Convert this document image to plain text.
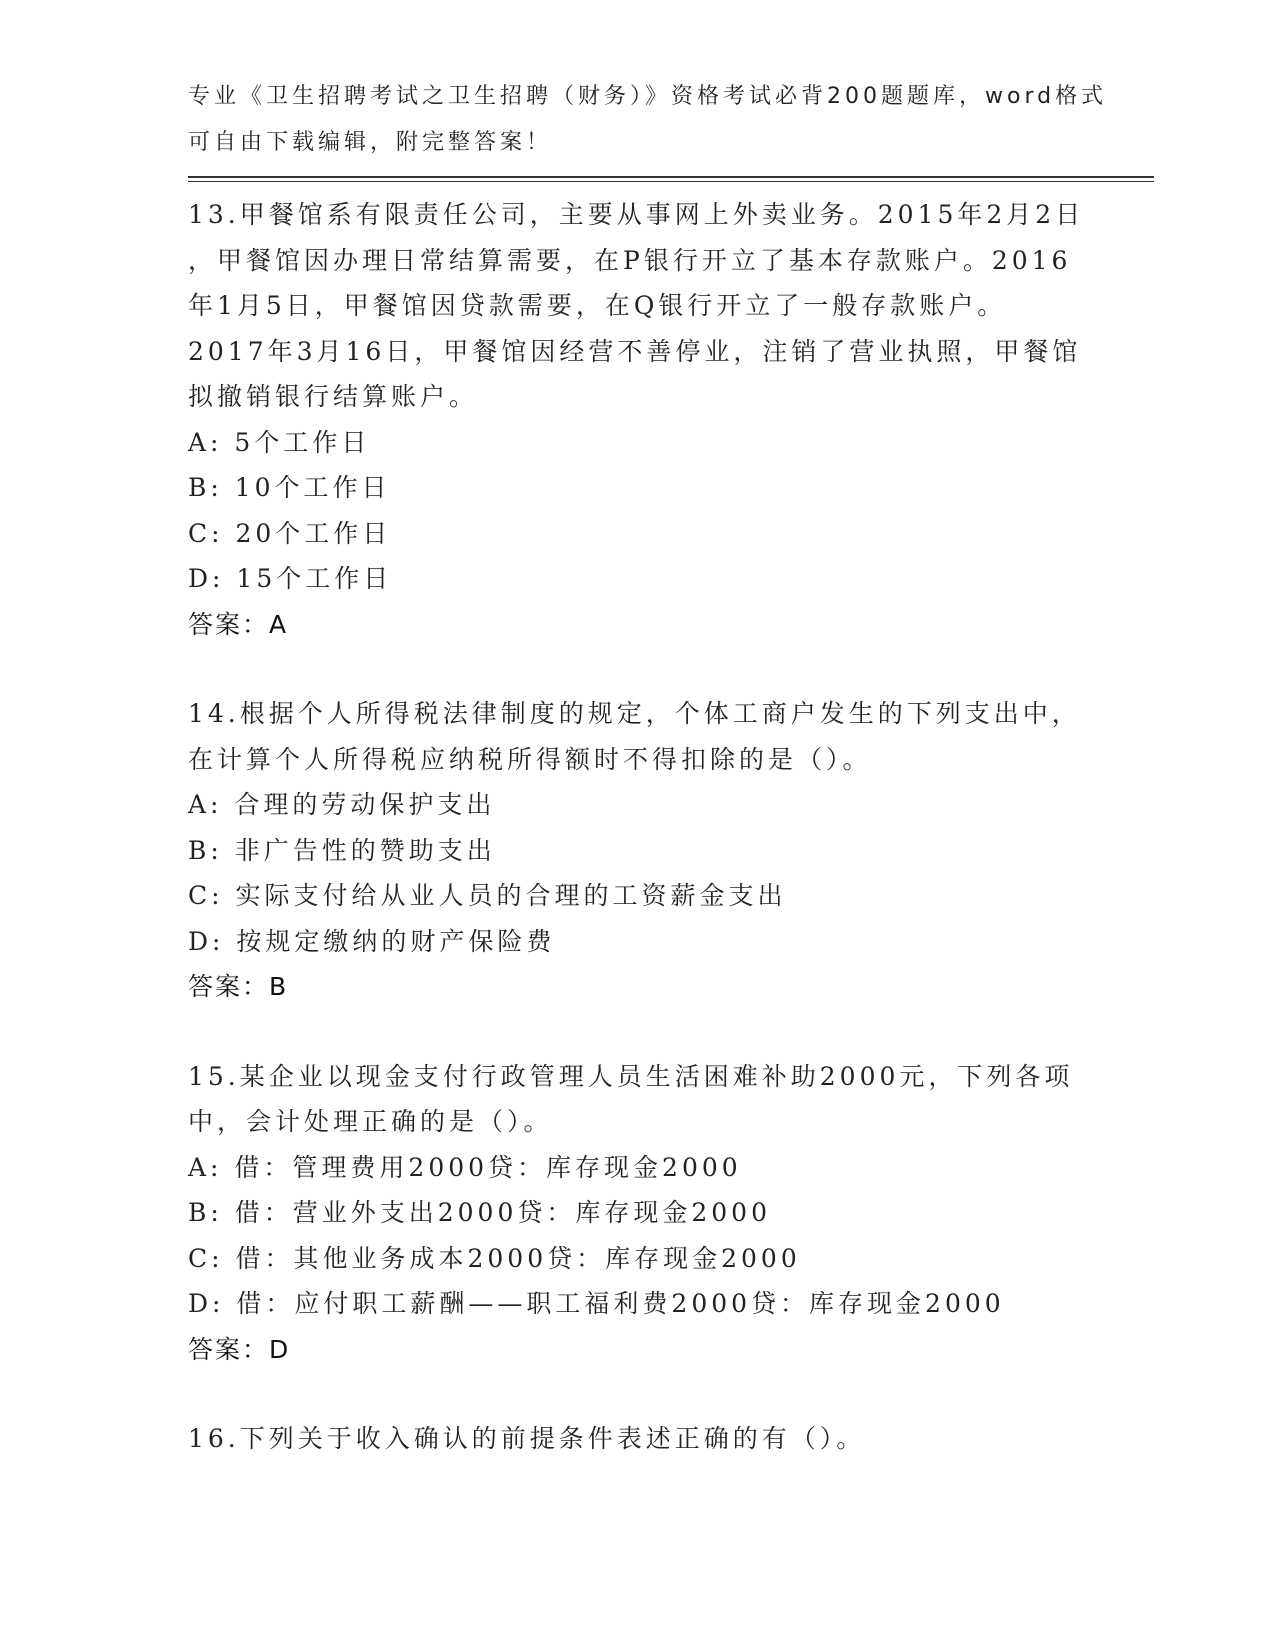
专业《卫生招聘考试之卫生招聘（财务）》资格考试必背200题题库，word格式
可自由下载编辑，附完整答案！
13.甲餐馆系有限责任公司，主要从事网上外卖业务。2015年2月2日
，甲餐馆因办理日常结算需要，在P银行开立了基本存款账户。2016
年1月5日，甲餐馆因贷款需要，在Q银行开立了一般存款账户。
2017年3月16日，甲餐馆因经营不善停业，注销了营业执照，甲餐馆
拟撤销银行结算账户。
A: 5个工作日
B: 10个工作日
C: 20个工作日
D: 15个工作日
答案：A
14.根据个人所得税法律制度的规定，个体工商户发生的下列支出中，
在计算个人所得税应纳税所得额时不得扣除的是（）。
A: 合理的劳动保护支出
B: 非广告性的赞助支出
C: 实际支付给从业人员的合理的工资薪金支出
D: 按规定缴纳的财产保险费
答案：B
15.某企业以现金支付行政管理人员生活困难补助2000元，下列各项
中，会计处理正确的是（）。
A: 借：管理费用2000贷：库存现金2000
B: 借：营业外支出2000贷：库存现金2000
C: 借：其他业务成本2000贷：库存现金2000
D: 借：应付职工薪酬——职工福利费2000贷：库存现金2000
答案：D
16.下列关于收入确认的前提条件表述正确的有（）。
